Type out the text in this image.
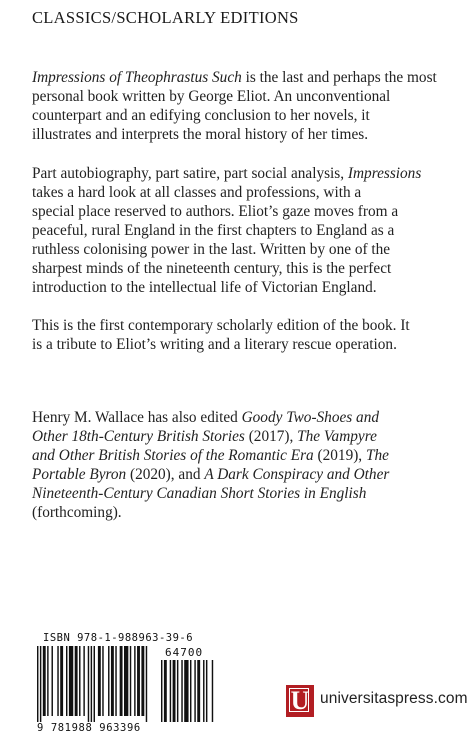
CLASSICS/SCHOLARLY EDITIONS

Impressions of Theophrastus Such is the last and perhaps the most
personal book written by George Eliot. An unconventional
counterpart and an edifying conclusion to her novels, it
illustrates and interprets the moral history of her times.

Part autobiography, part satire, part social analysis, Impressions
takes a hard look at all classes and professions, with a
special place reserved to authors. Eliot’s gaze moves from a
peaceful, rural England in the first chapters to England as a
ruthless colonising power in the last. Written by one of the
sharpest minds of the nineteenth century, this is the perfect
introduction to the intellectual life of Victorian England.

This is the first contemporary scholarly edition of the book. It
is a tribute to Eliot’s writing and a literary rescue operation.

Henry M. Wallace has also edited Goody Two-Shoes and
Other 18th-Century British Stories (2017), The Vampyre
and Other British Stories of the Romantic Era (2019), The
Portable Byron (2020), and A Dark Conspiracy and Other
Nineteenth-Century Canadian Short Stories in English
(forthcoming).

ISBN 978-1-988963-39-6
64700
9 781988 963396
U universitaspress.com
